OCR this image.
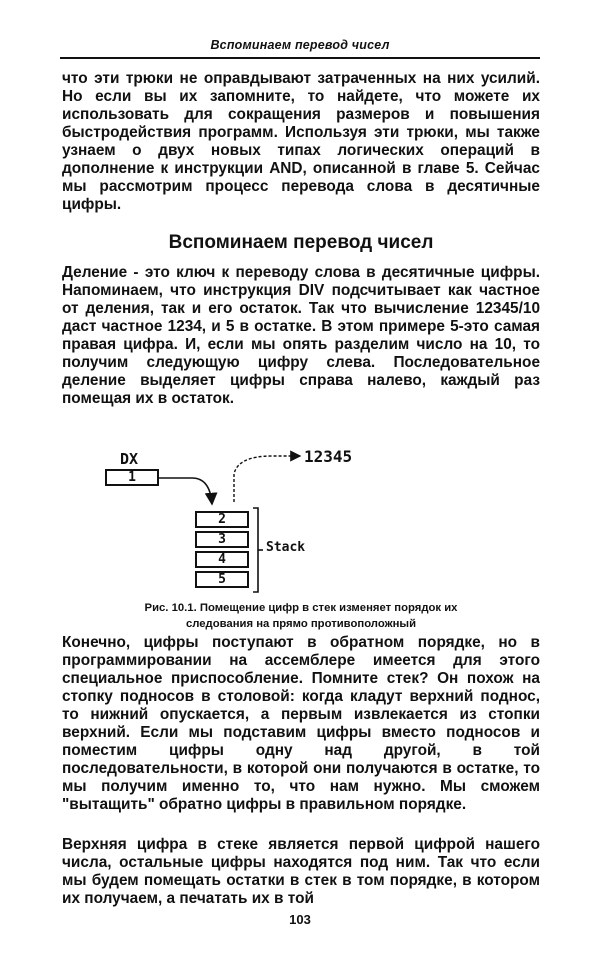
Вспоминаем перевод чисел

что эти трюки не оправдывают затраченных на них усилий. Но если вы их запомните, то найдете, что можете их использовать для сокращения размеров и повышения быстродействия программ. Используя эти трюки, мы также узнаем о двух новых типах логических операций в дополнение к инструкции AND, описанной в главе 5. Сейчас мы рассмотрим процесс перевода слова в десятичные цифры.

Вспоминаем перевод чисел

Деление - это ключ к переводу слова в десятичные цифры. Напоминаем, что инструкция DIV подсчитывает как частное от деления, так и его остаток. Так что вычисление 12345/10 даст частное 1234, и 5 в остатке. В этом примере 5-это самая правая цифра. И, если мы опять разделим число на 10, то получим следующую цифру слева. Последовательное деление выделяет цифры справа налево, каждый раз помещая их в остаток.

DX
1
12345
Stack
2
3
4
5
Рис. 10.1. Помещение цифр в стек изменяет порядок их
следования на прямо противоположный

Конечно, цифры поступают в обратном порядке, но в программировании на ассемблере имеется для этого специальное приспособление. Помните стек? Он похож на стопку подносов в столовой: когда кладут верхний поднос, то нижний опускается, а первым извлекается из стопки верхний. Если мы подставим цифры вместо подносов и поместим цифры одну над другой, в той последовательности, в которой они получаются в остатке, то мы получим именно то, что нам нужно. Мы сможем "вытащить" обратно цифры в правильном порядке.

Верхняя цифра в стеке является первой цифрой нашего числа, остальные цифры находятся под ним. Так что если мы будем помещать остатки в стек в том порядке, в котором их получаем, а печатать их в той

103
